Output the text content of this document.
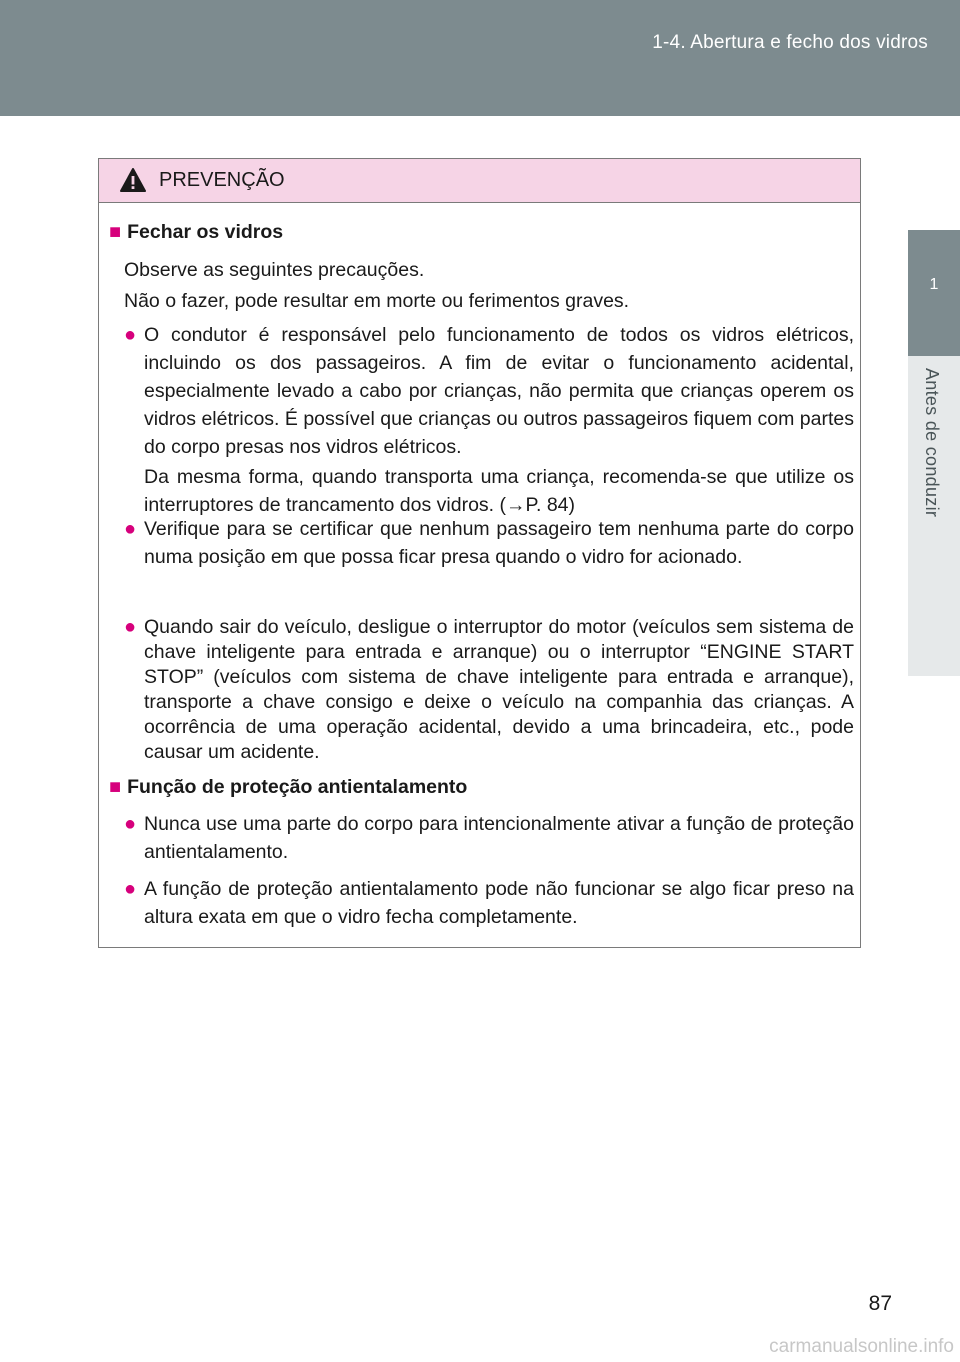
1-4. Abertura e fecho dos vidros
1
Antes de conduzir
PREVENÇÃO
■ Fechar os vidros
Observe as seguintes precauções.
Não o fazer, pode resultar em morte ou ferimentos graves.
● O condutor é responsável pelo funcionamento de todos os vidros elétricos, incluindo os dos passageiros. A fim de evitar o funcionamento acidental, especialmente levado a cabo por crianças, não permita que crianças operem os vidros elétricos. É possível que crianças ou outros passageiros fiquem com partes do corpo presas nos vidros elétricos.
Da mesma forma, quando transporta uma criança, recomenda-se que utilize os interruptores de trancamento dos vidros. (→P. 84)
● Verifique para se certificar que nenhum passageiro tem nenhuma parte do corpo numa posição em que possa ficar presa quando o vidro for acionado.
● Quando sair do veículo, desligue o interruptor do motor (veículos sem sistema de chave inteligente para entrada e arranque) ou o interruptor “ENGINE START STOP” (veículos com sistema de chave inteligente para entrada e arranque), transporte a chave consigo e deixe o veículo na companhia das crianças. A ocorrência de uma operação acidental, devido a uma brincadeira, etc., pode causar um acidente.
■ Função de proteção antientalamento
● Nunca use uma parte do corpo para intencionalmente ativar a função de proteção antientalamento.
● A função de proteção antientalamento pode não funcionar se algo ficar preso na altura exata em que o vidro fecha completamente.
87
carmanualsonline.info
